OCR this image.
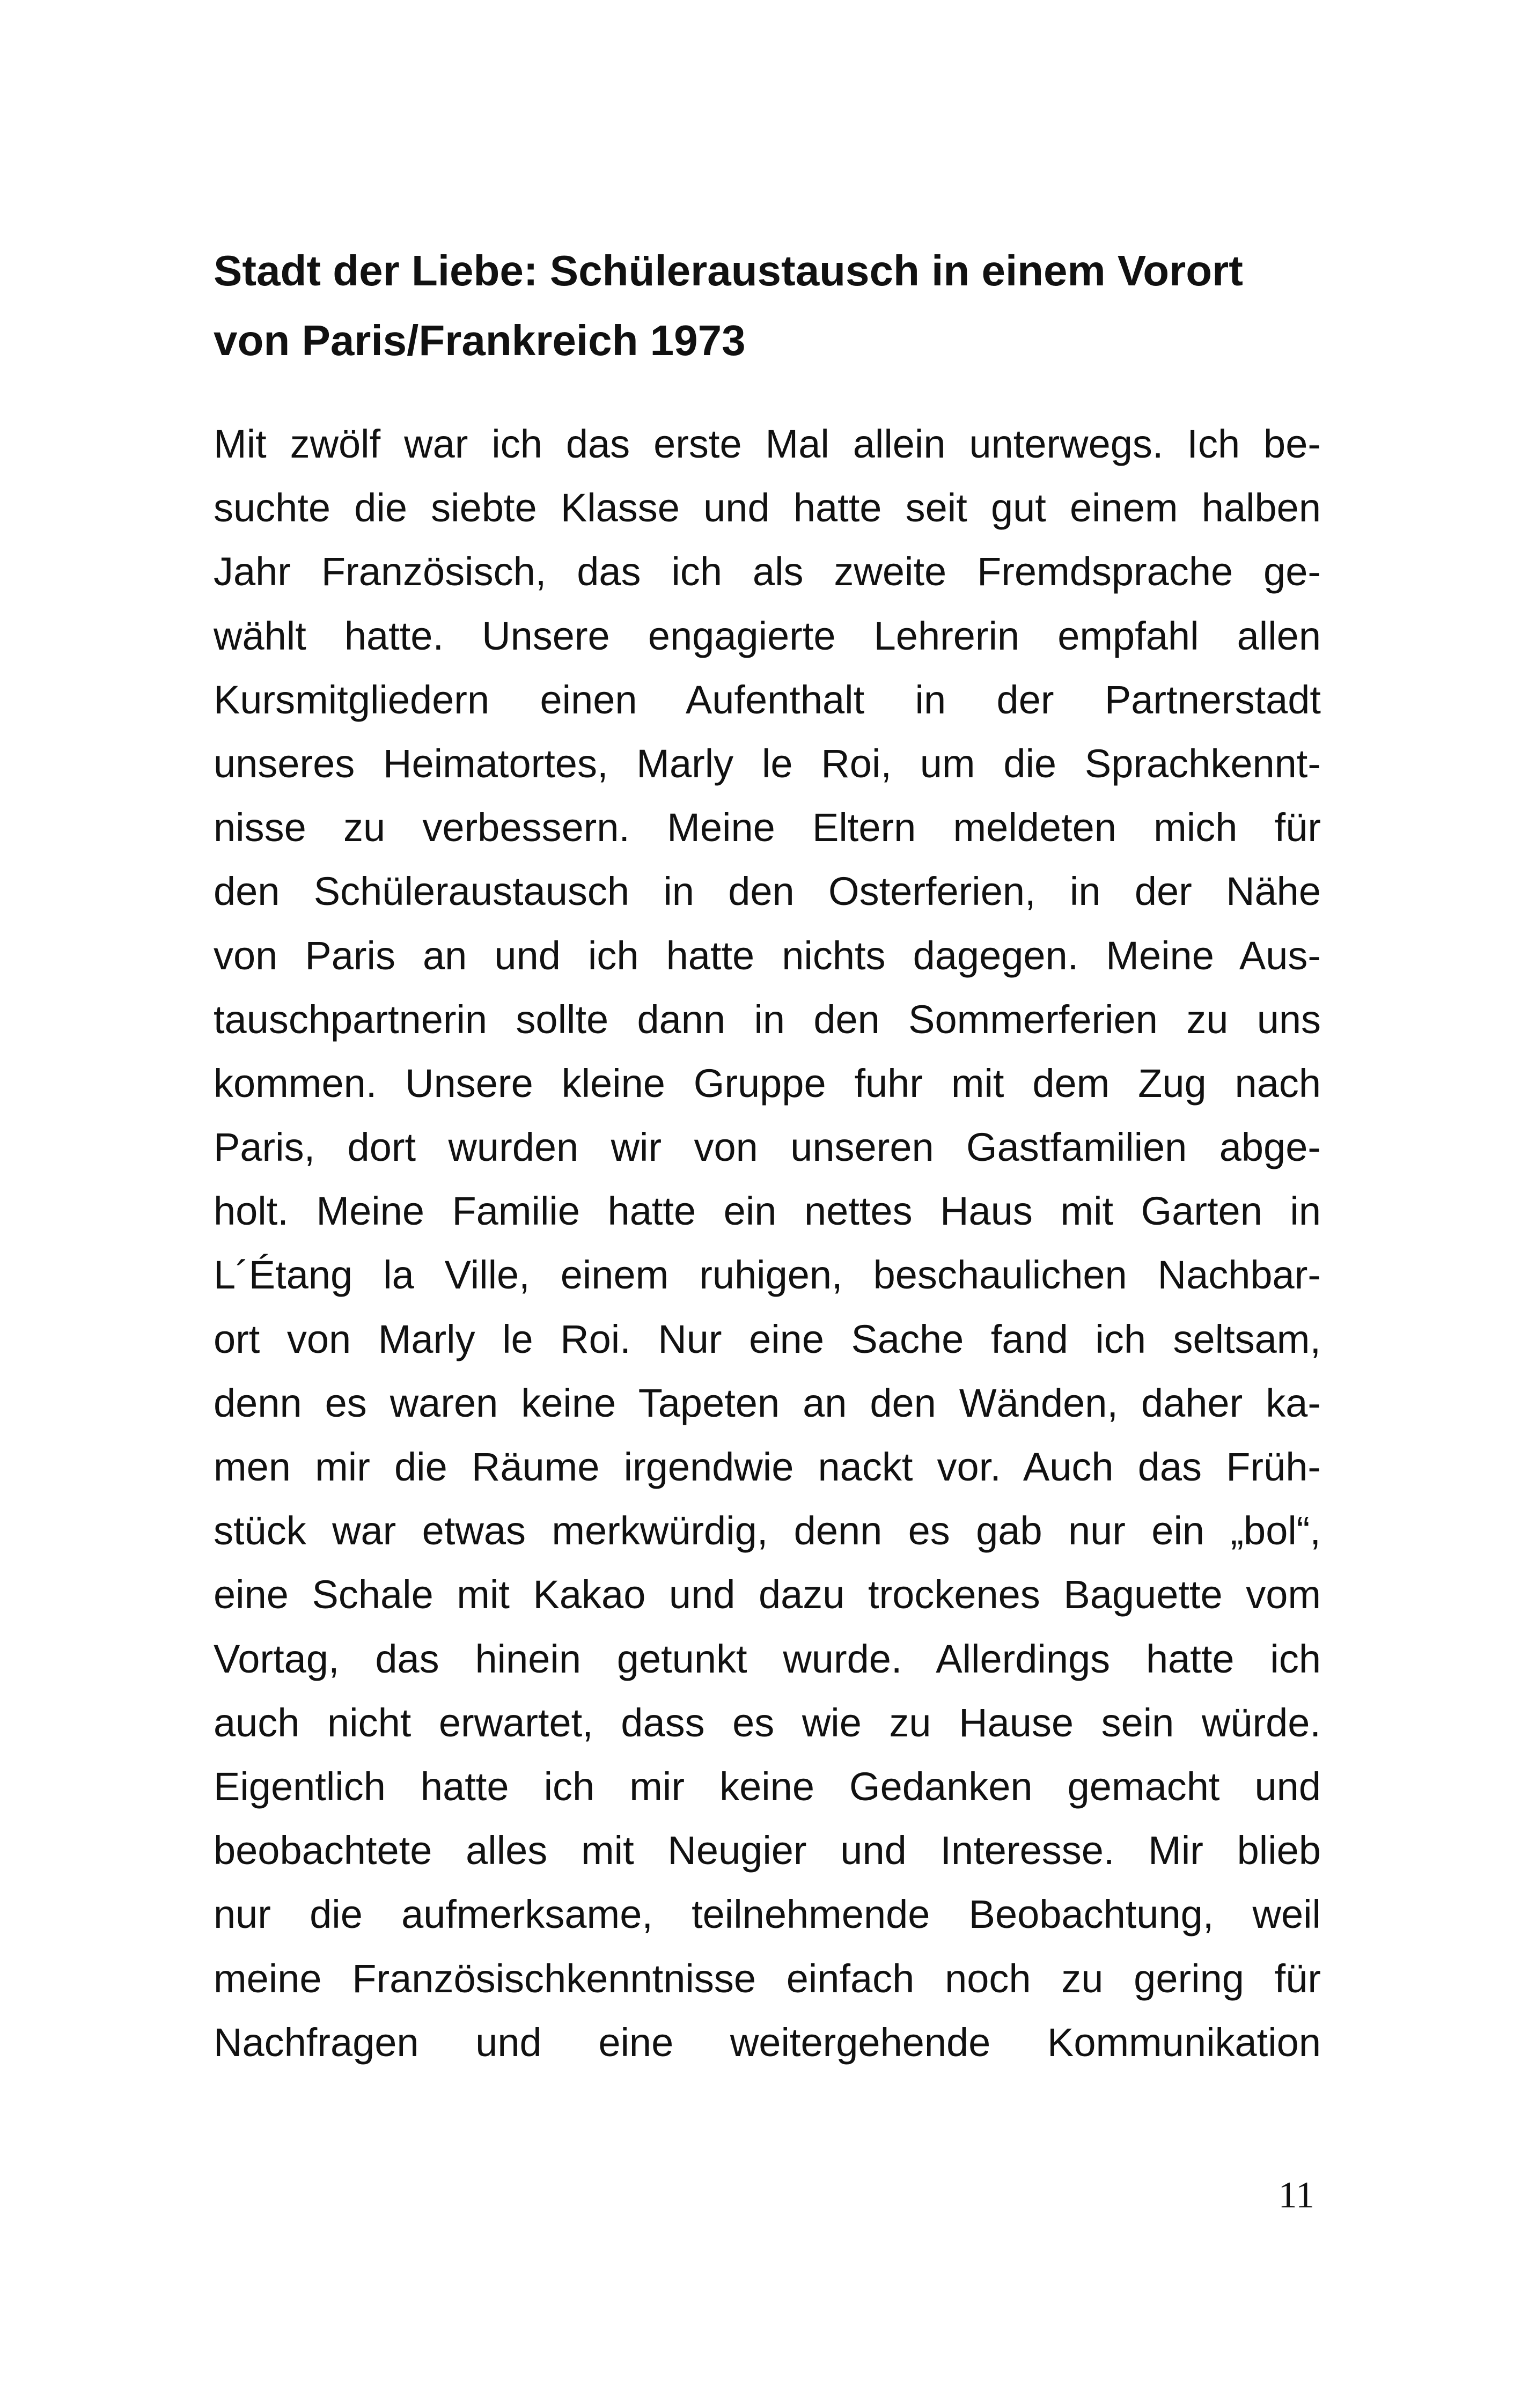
Stadt der Liebe: Schüleraustausch in einem Vorort
von Paris/Frankreich 1973
Mit zwölf war ich das erste Mal allein unterwegs. Ich be-
suchte die siebte Klasse und hatte seit gut einem halben
Jahr Französisch, das ich als zweite Fremdsprache ge-
wählt hatte. Unsere engagierte Lehrerin empfahl allen
Kursmitgliedern einen Aufenthalt in der Partnerstadt
unseres Heimatortes, Marly le Roi, um die Sprachkennt-
nisse zu verbessern. Meine Eltern meldeten mich für
den Schüleraustausch in den Osterferien, in der Nähe
von Paris an und ich hatte nichts dagegen. Meine Aus-
tauschpartnerin sollte dann in den Sommerferien zu uns
kommen. Unsere kleine Gruppe fuhr mit dem Zug nach
Paris, dort wurden wir von unseren Gastfamilien abge-
holt. Meine Familie hatte ein nettes Haus mit Garten in
L´Étang la Ville, einem ruhigen, beschaulichen Nachbar-
ort von Marly le Roi. Nur eine Sache fand ich seltsam,
denn es waren keine Tapeten an den Wänden, daher ka-
men mir die Räume irgendwie nackt vor. Auch das Früh-
stück war etwas merkwürdig, denn es gab nur ein „bol“,
eine Schale mit Kakao und dazu trockenes Baguette vom
Vortag, das hinein getunkt wurde. Allerdings hatte ich
auch nicht erwartet, dass es wie zu Hause sein würde.
Eigentlich hatte ich mir keine Gedanken gemacht und
beobachtete alles mit Neugier und Interesse. Mir blieb
nur die aufmerksame, teilnehmende Beobachtung, weil
meine Französischkenntnisse einfach noch zu gering für
Nachfragen und eine weitergehende Kommunikation
11
